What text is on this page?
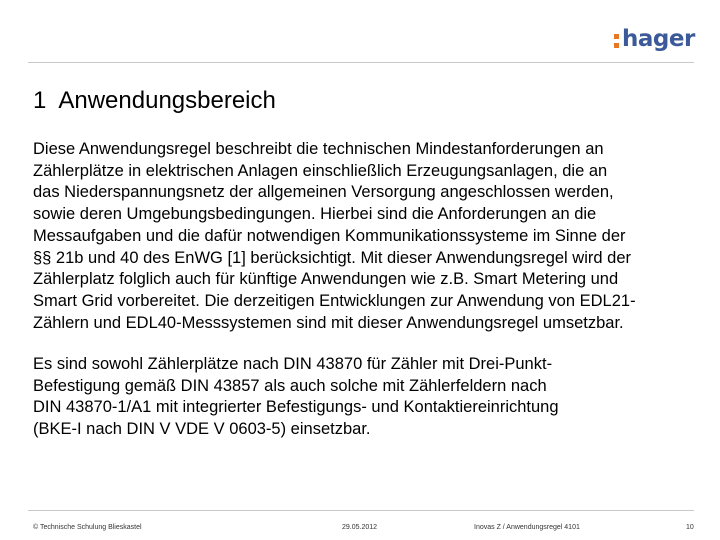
hager
1 Anwendungsbereich
Diese Anwendungsregel beschreibt die technischen Mindestanforderungen an
Zählerplätze in elektrischen Anlagen einschließlich Erzeugungsanlagen, die an
das Niederspannungsnetz der allgemeinen Versorgung angeschlossen werden,
sowie deren Umgebungsbedingungen. Hierbei sind die Anforderungen an die
Messaufgaben und die dafür notwendigen Kommunikationssysteme im Sinne der
§§ 21b und 40 des EnWG [1] berücksichtigt. Mit dieser Anwendungsregel wird der
Zählerplatz folglich auch für künftige Anwendungen wie z.B. Smart Metering und
Smart Grid vorbereitet. Die derzeitigen Entwicklungen zur Anwendung von EDL21-
Zählern und EDL40-Messsystemen sind mit dieser Anwendungsregel umsetzbar.
Es sind sowohl Zählerplätze nach DIN 43870 für Zähler mit Drei-Punkt-
Befestigung gemäß DIN 43857 als auch solche mit Zählerfeldern nach
DIN 43870-1/A1 mit integrierter Befestigungs- und Kontaktiereinrichtung
(BKE-I nach DIN V VDE V 0603-5) einsetzbar.
© Technische Schulung Blieskastel	29.05.2012	Inovas Z / Anwendungsregel 4101	10
